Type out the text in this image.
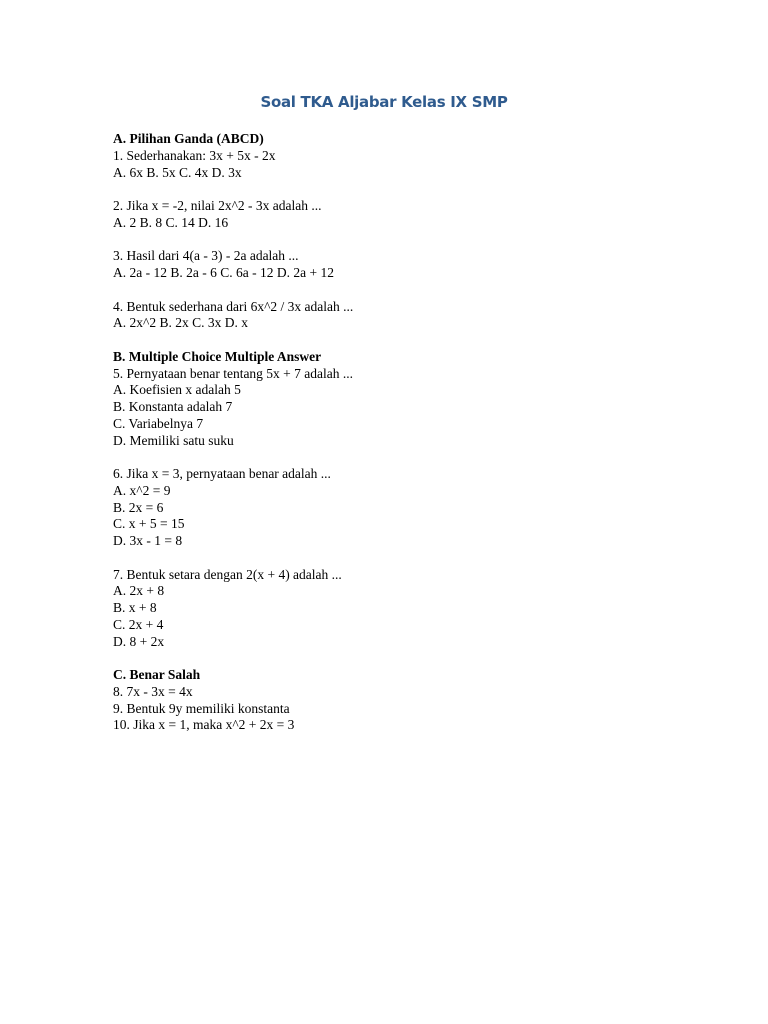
Soal TKA Aljabar Kelas IX SMP
A. Pilihan Ganda (ABCD)
1. Sederhanakan: 3x + 5x - 2x
A. 6x B. 5x C. 4x D. 3x
2. Jika x = -2, nilai 2x^2 - 3x adalah ...
A. 2 B. 8 C. 14 D. 16
3. Hasil dari 4(a - 3) - 2a adalah ...
A. 2a - 12 B. 2a - 6 C. 6a - 12 D. 2a + 12
4. Bentuk sederhana dari 6x^2 / 3x adalah ...
A. 2x^2 B. 2x C. 3x D. x
B. Multiple Choice Multiple Answer
5. Pernyataan benar tentang 5x + 7 adalah ...
A. Koefisien x adalah 5
B. Konstanta adalah 7
C. Variabelnya 7
D. Memiliki satu suku
6. Jika x = 3, pernyataan benar adalah ...
A. x^2 = 9
B. 2x = 6
C. x + 5 = 15
D. 3x - 1 = 8
7. Bentuk setara dengan 2(x + 4) adalah ...
A. 2x + 8
B. x + 8
C. 2x + 4
D. 8 + 2x
C. Benar Salah
8. 7x - 3x = 4x
9. Bentuk 9y memiliki konstanta
10. Jika x = 1, maka x^2 + 2x = 3
